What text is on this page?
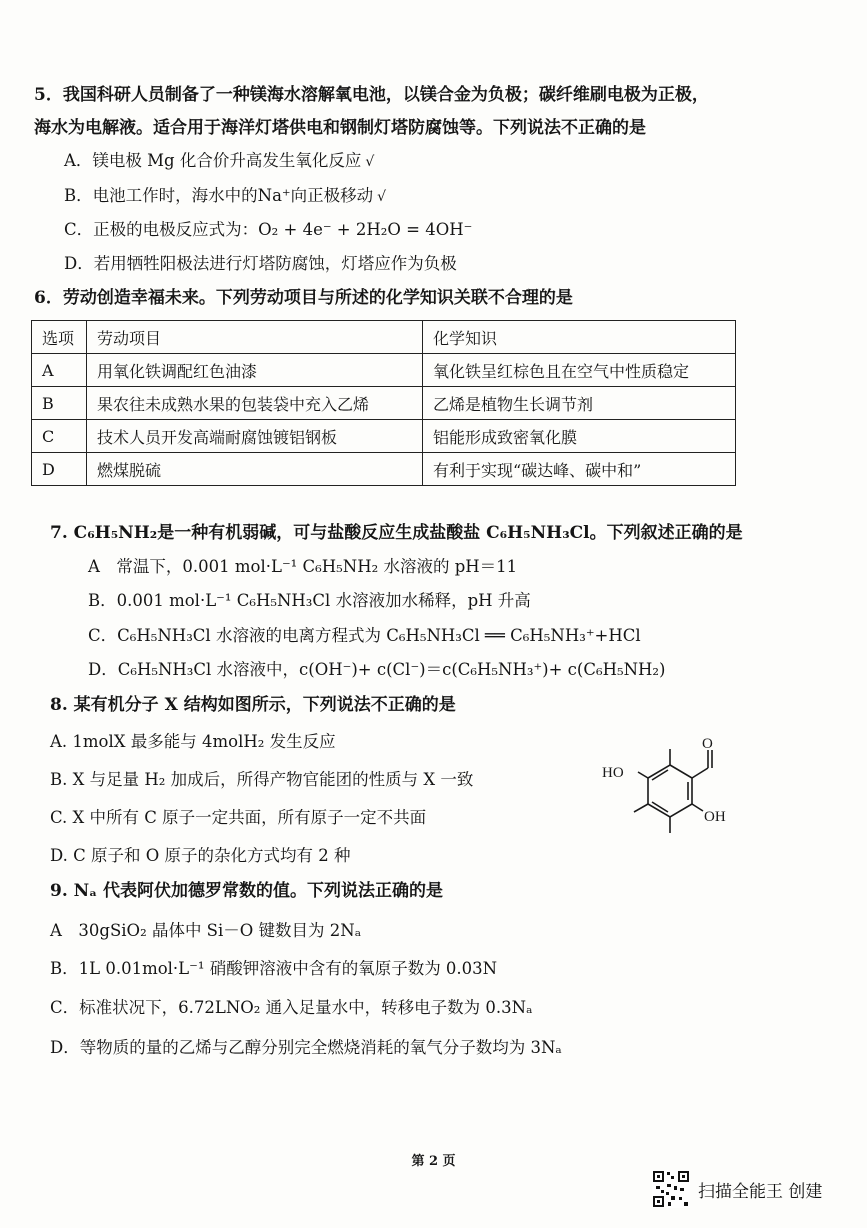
5．我国科研人员制备了一种镁海水溶解氧电池，以镁合金为负极；碳纤维刷电极为正极，
海水为电解液。适合用于海洋灯塔供电和钢制灯塔防腐蚀等。下列说法不正确的是
A．镁电极 Mg 化合价升高发生氧化反应 √
B．电池工作时，海水中的Na⁺向正极移动 √
C．正极的电极反应式为：O₂ + 4e⁻ + 2H₂O = 4OH⁻
D．若用牺牲阳极法进行灯塔防腐蚀，灯塔应作为负极
6．劳动创造幸福未来。下列劳动项目与所述的化学知识关联不合理的是
选项	劳动项目	化学知识
A	用氧化铁调配红色油漆	氧化铁呈红棕色且在空气中性质稳定
B	果农往未成熟水果的包装袋中充入乙烯	乙烯是植物生长调节剂
C	技术人员开发高端耐腐蚀镀铝钢板	铝能形成致密氧化膜
D	燃煤脱硫	有利于实现“碳达峰、碳中和”
7. C₆H₅NH₂是一种有机弱碱，可与盐酸反应生成盐酸盐 C₆H₅NH₃Cl。下列叙述正确的是
A　常温下，0.001 mol·L⁻¹ C₆H₅NH₂ 水溶液的 pH＝11
B．0.001 mol·L⁻¹ C₆H₅NH₃Cl 水溶液加水稀释，pH 升高
C．C₆H₅NH₃Cl 水溶液的电离方程式为 C₆H₅NH₃Cl ══ C₆H₅NH₃⁺+HCl
D．C₆H₅NH₃Cl 水溶液中，c(OH⁻)+ c(Cl⁻)＝c(C₆H₅NH₃⁺)+ c(C₆H₅NH₂)
8. 某有机分子 X 结构如图所示，下列说法不正确的是
A. 1molX 最多能与 4molH₂ 发生反应
B. X 与足量 H₂ 加成后，所得产物官能团的性质与 X 一致
C. X 中所有 C 原子一定共面，所有原子一定不共面
D. C 原子和 O 原子的杂化方式均有 2 种
HO
OH
O
9. Nₐ 代表阿伏加德罗常数的值。下列说法正确的是
A　30gSiO₂ 晶体中 Si－O 键数目为 2Nₐ
B．1L 0.01mol·L⁻¹ 硝酸钾溶液中含有的氧原子数为 0.03N
C．标准状况下，6.72LNO₂ 通入足量水中，转移电子数为 0.3Nₐ
D．等物质的量的乙烯与乙醇分别完全燃烧消耗的氧气分子数均为 3Nₐ
第 2 页
扫描全能王 创建
